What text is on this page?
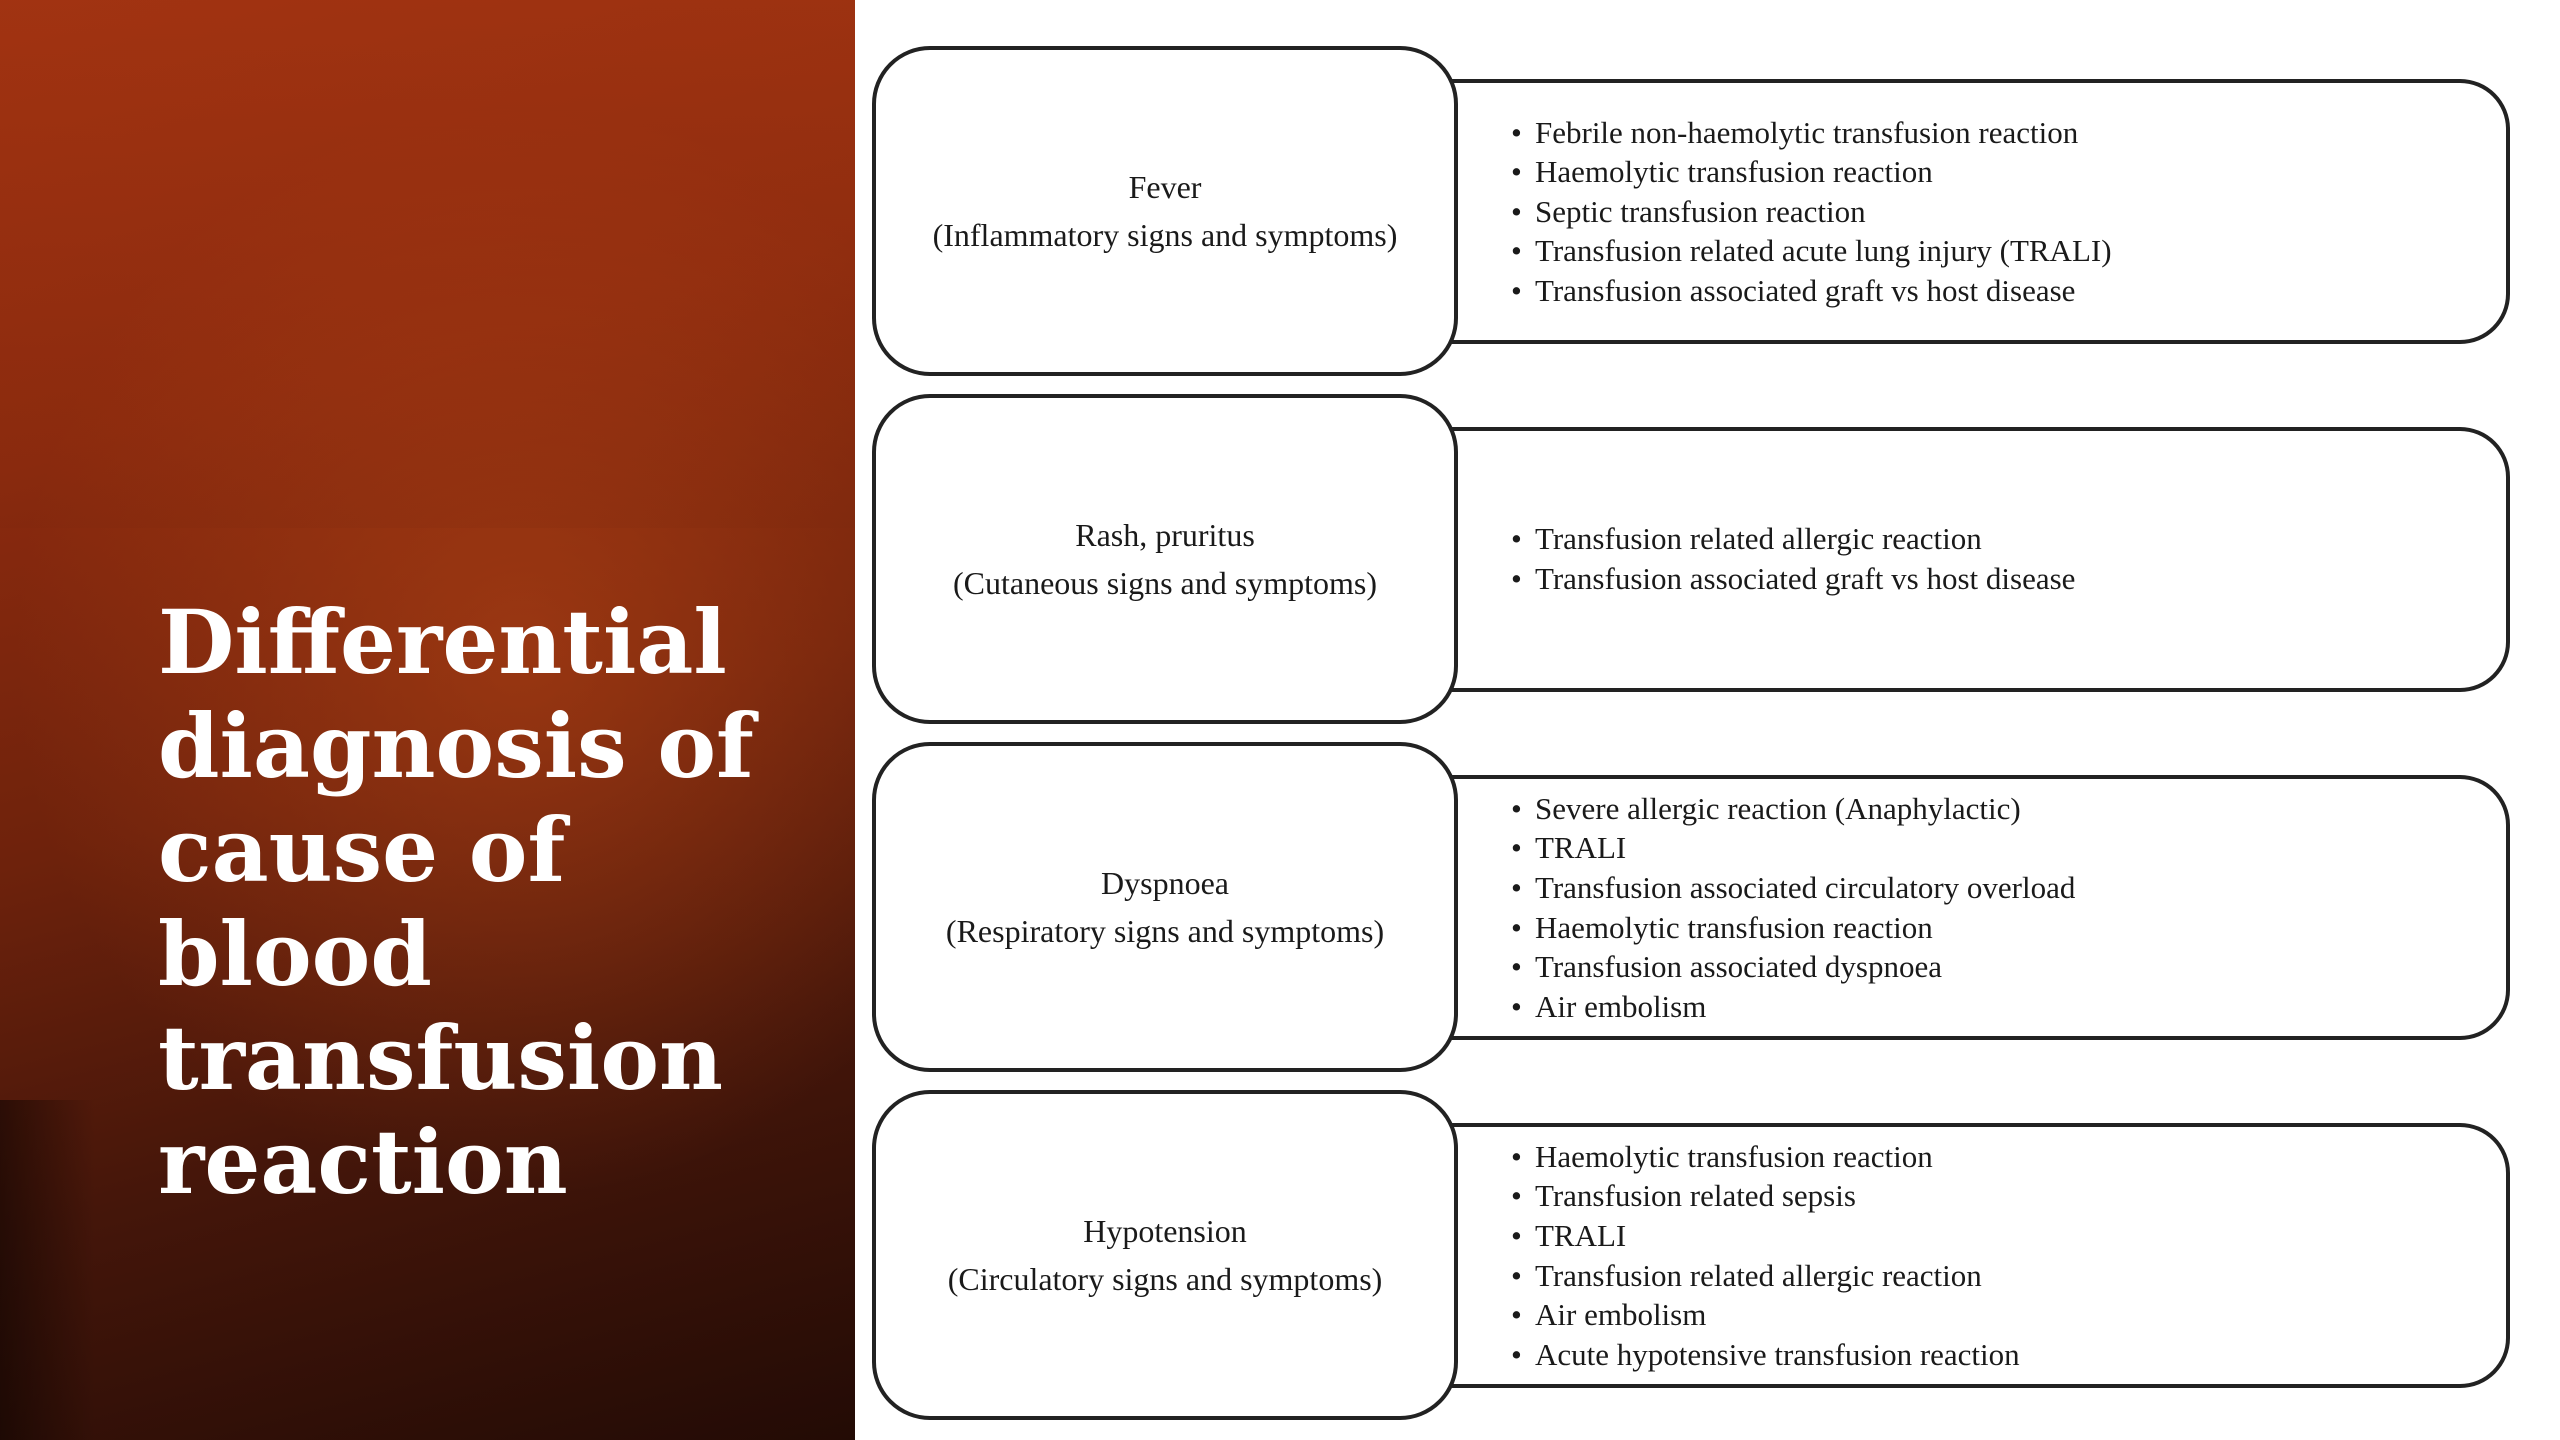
Differential
diagnosis of
cause of
blood
transfusion
reaction
Fever
(Inflammatory signs and symptoms)
• Febrile non-haemolytic transfusion reaction
• Haemolytic transfusion reaction
• Septic transfusion reaction
• Transfusion related acute lung injury (TRALI)
• Transfusion associated graft vs host disease
Rash, pruritus
(Cutaneous signs and symptoms)
• Transfusion related allergic reaction
• Transfusion associated graft vs host disease
Dyspnoea
(Respiratory signs and symptoms)
• Severe allergic reaction (Anaphylactic)
• TRALI
• Transfusion associated circulatory overload
• Haemolytic transfusion reaction
• Transfusion associated dyspnoea
• Air embolism
Hypotension
(Circulatory signs and symptoms)
• Haemolytic transfusion reaction
• Transfusion related sepsis
• TRALI
• Transfusion related allergic reaction
• Air embolism
• Acute hypotensive transfusion reaction
